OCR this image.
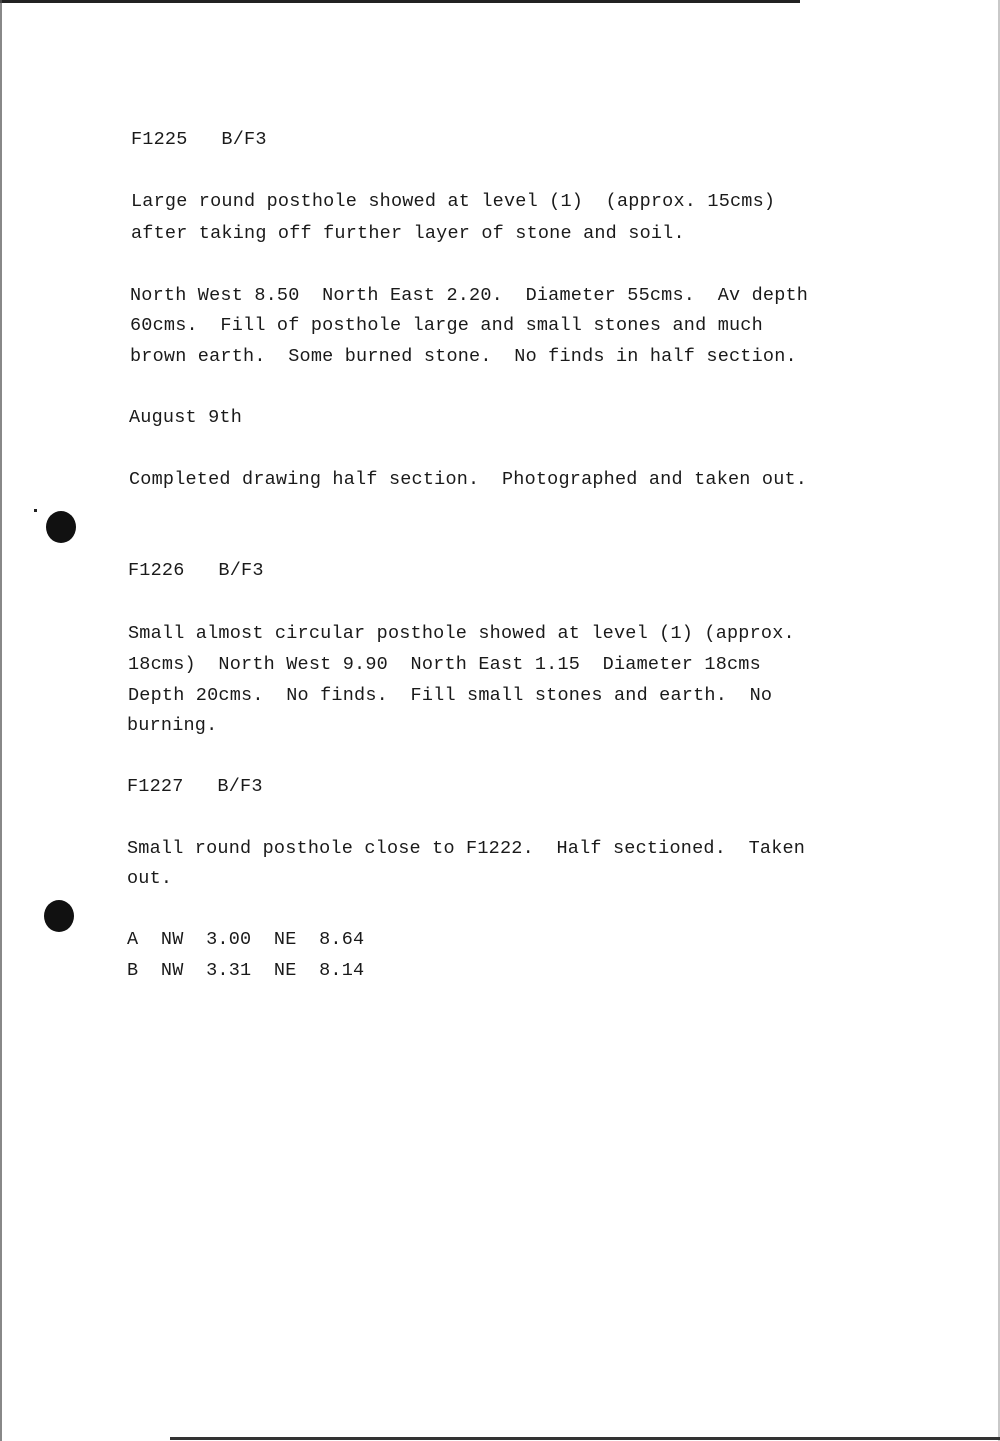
F1225   B/F3
Large round posthole showed at level (1)  (approx. 15cms)
after taking off further layer of stone and soil.
North West 8.50  North East 2.20.  Diameter 55cms.  Av depth
60cms.  Fill of posthole large and small stones and much
brown earth.  Some burned stone.  No finds in half section.
August 9th
Completed drawing half section.  Photographed and taken out.
F1226   B/F3
Small almost circular posthole showed at level (1) (approx.
18cms)  North West 9.90  North East 1.15  Diameter 18cms
Depth 20cms.  No finds.  Fill small stones and earth.  No
burning.
F1227   B/F3
Small round posthole close to F1222.  Half sectioned.  Taken
out.
A  NW  3.00  NE  8.64
B  NW  3.31  NE  8.14
